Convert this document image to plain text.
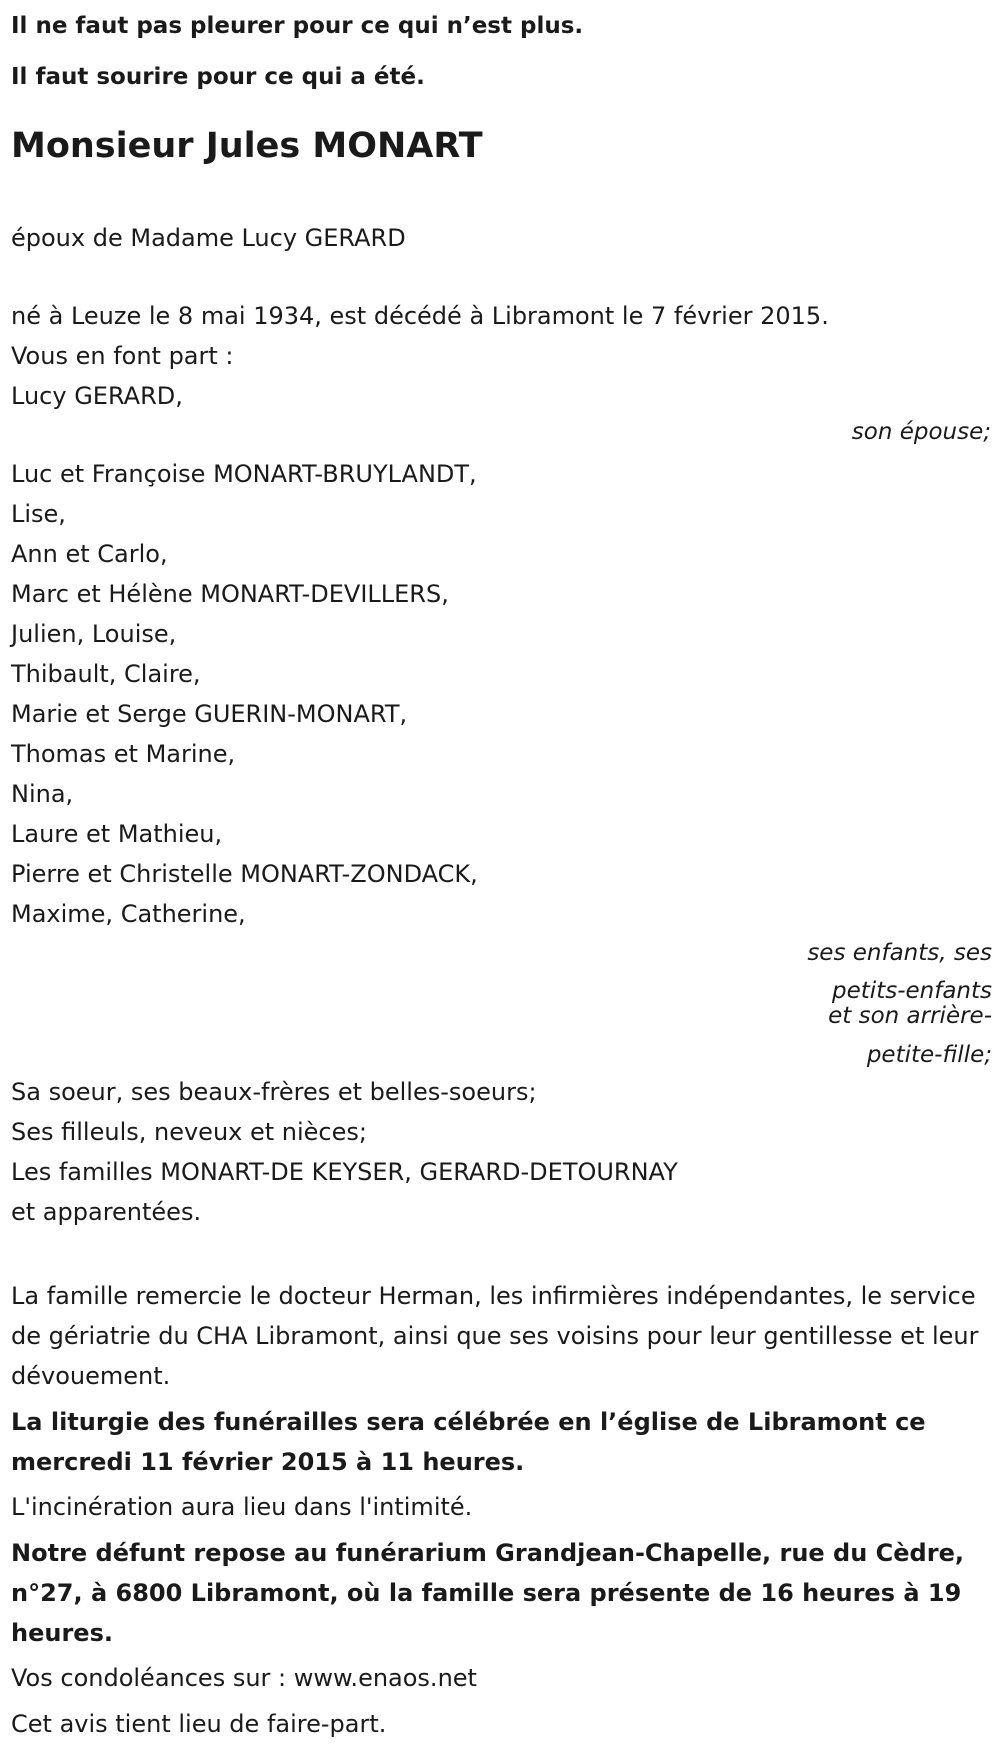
Il ne faut pas pleurer pour ce qui n’est plus.

Il faut sourire pour ce qui a été.

Monsieur Jules MONART

époux de Madame Lucy GERARD

né à Leuze le 8 mai 1934, est décédé à Libramont le 7 février 2015.

Vous en font part :

Lucy GERARD,

son épouse;

Luc et Françoise MONART-BRUYLANDT,
Lise,
Ann et Carlo,
Marc et Hélène MONART-DEVILLERS,
Julien, Louise,
Thibault, Claire,
Marie et Serge GUERIN-MONART,
Thomas et Marine,
Nina,
Laure et Mathieu,
Pierre et Christelle MONART-ZONDACK,
Maxime, Catherine,

ses enfants, ses
petits-enfants
et son arrière-
petite-fille;

Sa soeur, ses beaux-frères et belles-soeurs;
Ses filleuls, neveux et nièces;
Les familles MONART-DE KEYSER, GERARD-DETOURNAY
et apparentées.

La famille remercie le docteur Herman, les infirmières indépendantes, le service de gériatrie du CHA Libramont, ainsi que ses voisins pour leur gentillesse et leur dévouement.

La liturgie des funérailles sera célébrée en l’église de Libramont ce mercredi 11 février 2015 à 11 heures.

L'incinération aura lieu dans l'intimité.

Notre défunt repose au funérarium Grandjean-Chapelle, rue du Cèdre, n°27, à 6800 Libramont, où la famille sera présente de 16 heures à 19 heures.

Vos condoléances sur : www.enaos.net

Cet avis tient lieu de faire-part.
